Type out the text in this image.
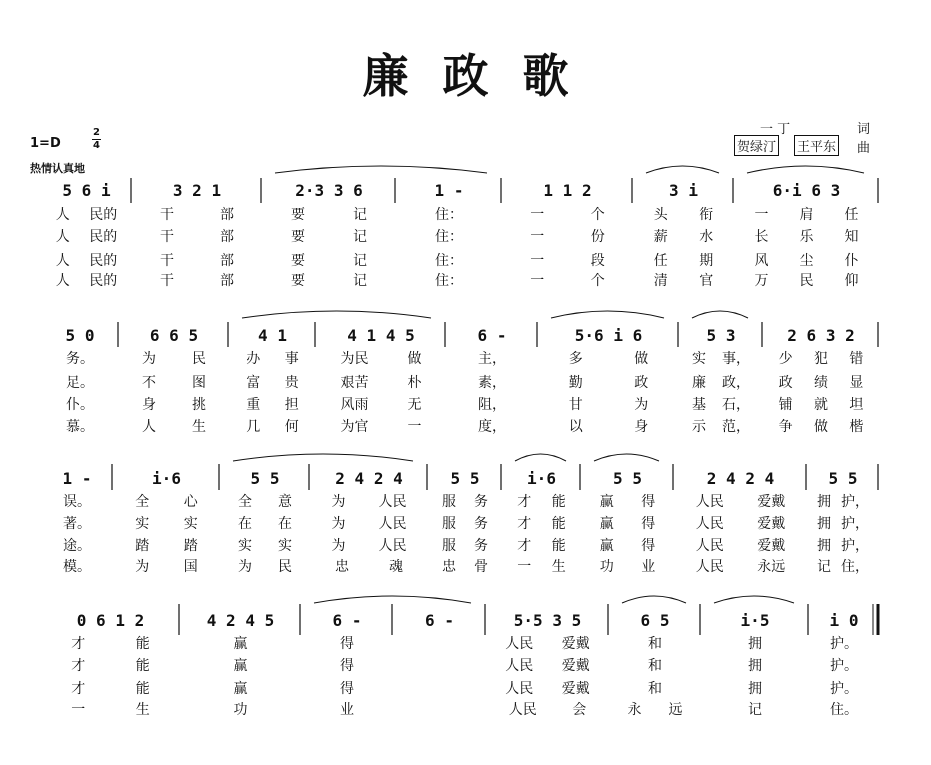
廉政歌
1=D
2
4
热情认真地
一 丁	词
贺绿汀 王平东 曲
5 6 i	3 2 1	2·3 3 6	1 -	1 1 2	3 i	6·i 6 3
人 民的	干	部	要	记	住：	一	个	头 衔	一 肩 任
人 民的	干	部	要	记	住：	一	份	薪 水	长 乐 知
人 民的	干	部	要	记	住：	一	段	任 期	风 尘 仆
人 民的	干	部	要	记	住：	一	个	清 官	万 民 仰
5 0	6 6 5	4 1	4 1 4 5	6 -	5·6 i 6	5 3	2 6 3 2
务。	为	民	办 事	为民	做	主，	多	做	实 事， 少 犯 错
足。	不	图	富 贵	艰苦	朴	素，	勤	政	廉 政， 政 绩 显
仆。	身	挑	重 担	风雨	无	阻，	甘	为	基 石， 铺 就 坦
慕。	人	生	几 何	为官	一	度，	以	身	示 范， 争 做 楷
1 -	i·6	5 5	2 4 2 4	5 5	i·6	5 5	2 4 2 4	5 5
误。	全 心	全 意	为 人民	服 务 才 能 赢 得	人民 爱戴 拥 护，
著。	实 实	在 在	为 人民	服 务 才 能 赢 得	人民 爱戴 拥 护，
途。	踏 踏	实 实	为 人民	服 务 才 能 赢 得	人民 爱戴 拥 护，
模。	为 国	为 民	忠	魂	忠 骨 一 生 功 业	人民 永远 记 住，
0 6 1 2	4 2 4 5	6 -	6 -	5·5 3 5	6 5	i·5	i 0
才	能	赢	得	人民 爱戴	和	拥	护。
才	能	赢	得	人民 爱戴	和	拥	护。
才	能	赢	得	人民 爱戴	和	拥	护。
一	生	功	业	人民	会	永 远	记	住。
